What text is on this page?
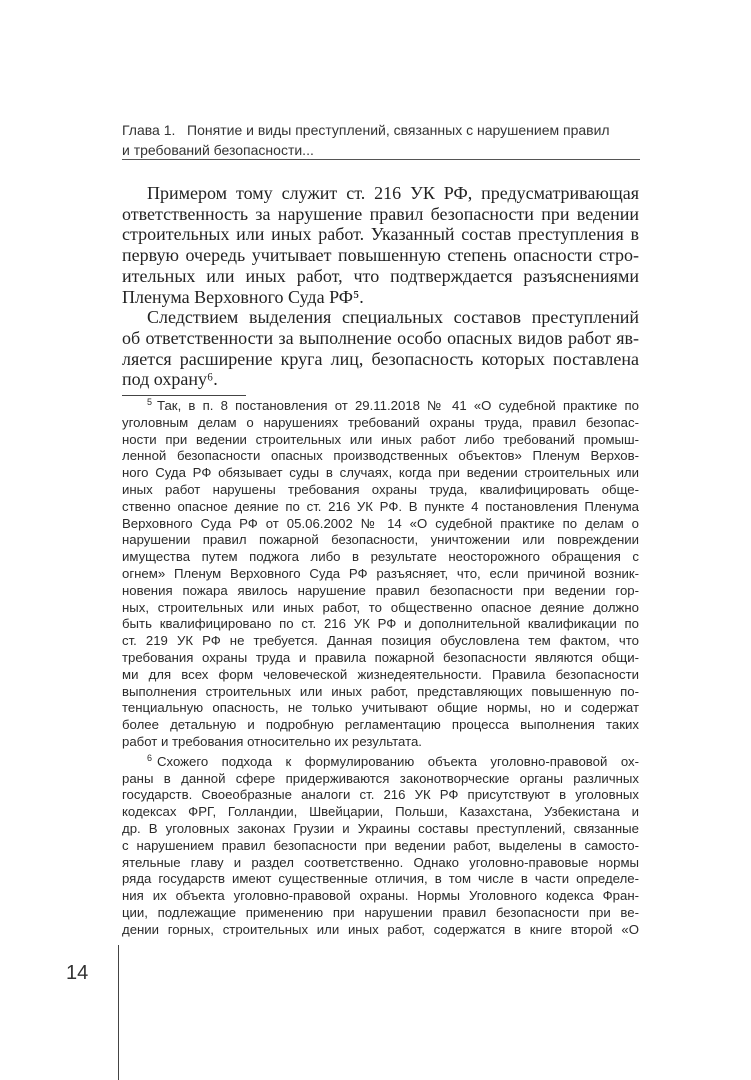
Глава 1.   Понятие и виды преступлений, связанных с нарушением правил
и требований безопасности...
Примером тому служит ст. 216 УК РФ, предусматривающая
ответственность за нарушение правил безопасности при ведении
строительных или иных работ. Указанный состав преступления в
первую очередь учитывает повышенную степень опасности стро-
ительных или иных работ, что подтверждается разъяснениями
Пленума Верховного Суда РФ⁵.
Следствием выделения специальных составов преступлений
об ответственности за выполнение особо опасных видов работ яв-
ляется расширение круга лиц, безопасность которых поставлена
под охрану⁶.
$^5$ Так, в п. 8 постановления от 29.11.2018 № 41 «О судебной практике по
уголовным делам о нарушениях требований охраны труда, правил безопас-
ности при ведении строительных или иных работ либо требований промыш-
ленной безопасности опасных производственных объектов» Пленум Верхов-
ного Суда РФ обязывает суды в случаях, когда при ведении строительных или
иных работ нарушены требования охраны труда, квалифицировать обще-
ственно опасное деяние по ст. 216 УК РФ. В пункте 4 постановления Пленума
Верховного Суда РФ от 05.06.2002 № 14 «О судебной практике по делам о
нарушении правил пожарной безопасности, уничтожении или повреждении
имущества путем поджога либо в результате неосторожного обращения с
огнем» Пленум Верховного Суда РФ разъясняет, что, если причиной возник-
новения пожара явилось нарушение правил безопасности при ведении гор-
ных, строительных или иных работ, то общественно опасное деяние должно
быть квалифицировано по ст. 216 УК РФ и дополнительной квалификации по
ст. 219 УК РФ не требуется. Данная позиция обусловлена тем фактом, что
требования охраны труда и правила пожарной безопасности являются общи-
ми для всех форм человеческой жизнедеятельности. Правила безопасности
выполнения строительных или иных работ, представляющих повышенную по-
тенциальную опасность, не только учитывают общие нормы, но и содержат
более детальную и подробную регламентацию процесса выполнения таких
работ и требования относительно их результата.
$^6$ Схожего подхода к формулированию объекта уголовно-правовой ох-
раны в данной сфере придерживаются законотворческие органы различных
государств. Своеобразные аналоги ст. 216 УК РФ присутствуют в уголовных
кодексах ФРГ, Голландии, Швейцарии, Польши, Казахстана, Узбекистана и
др. В уголовных законах Грузии и Украины составы преступлений, связанные
с нарушением правил безопасности при ведении работ, выделены в самосто-
ятельные главу и раздел соответственно. Однако уголовно-правовые нормы
ряда государств имеют существенные отличия, в том числе в части определе-
ния их объекта уголовно-правовой охраны. Нормы Уголовного кодекса Фран-
ции, подлежащие применению при нарушении правил безопасности при ве-
дении горных, строительных или иных работ, содержатся в книге второй «О
14
